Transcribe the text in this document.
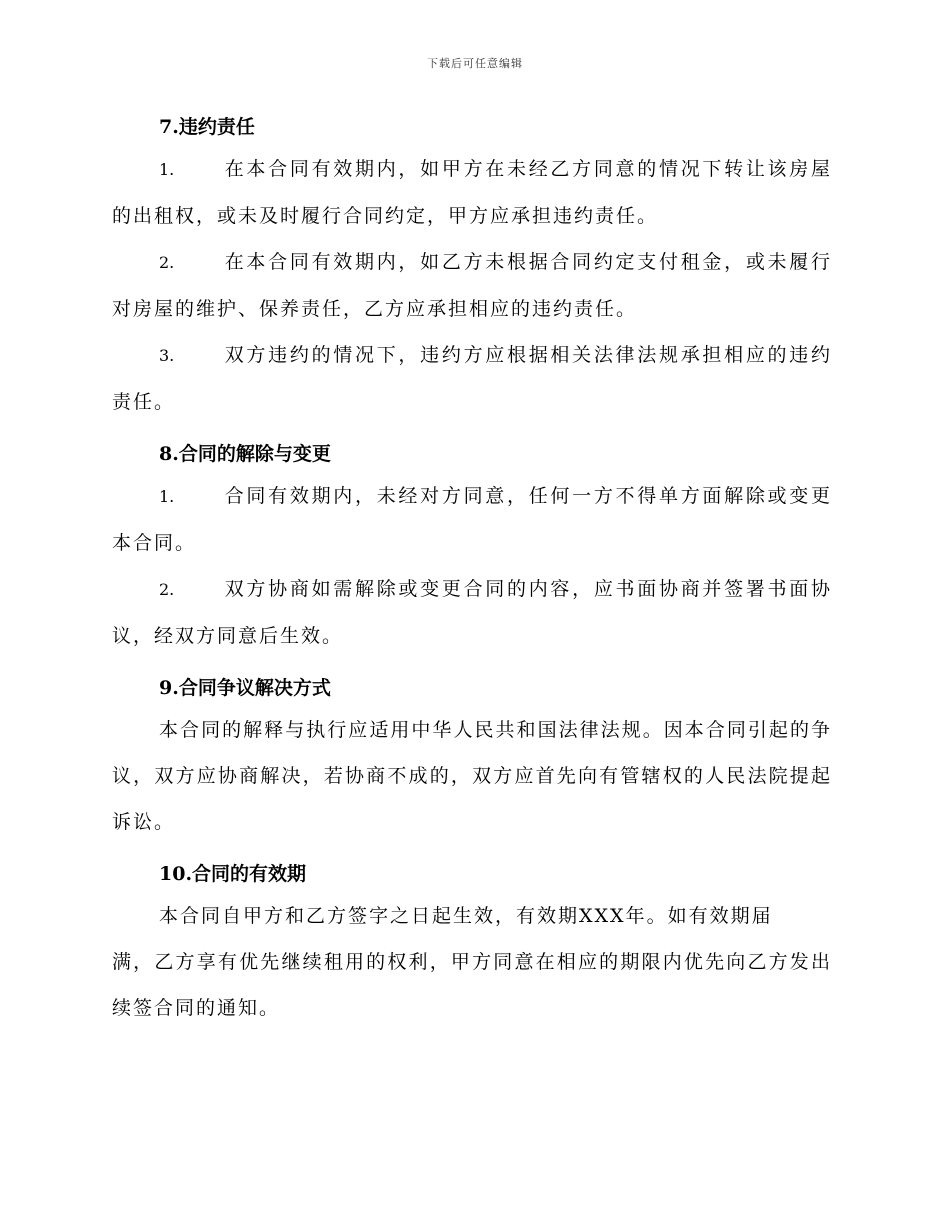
下载后可任意编辑
7.违约责任

1.	在本合同有效期内，如甲方在未经乙方同意的情况下转让该房屋的出租权，或未及时履行合同约定，甲方应承担违约责任。

2.	在本合同有效期内，如乙方未根据合同约定支付租金，或未履行对房屋的维护、保养责任，乙方应承担相应的违约责任。

3.	双方违约的情况下，违约方应根据相关法律法规承担相应的违约责任。

8.合同的解除与变更

1.	合同有效期内，未经对方同意，任何一方不得单方面解除或变更本合同。

2.	双方协商如需解除或变更合同的内容，应书面协商并签署书面协议，经双方同意后生效。

9.合同争议解决方式

本合同的解释与执行应适用中华人民共和国法律法规。因本合同引起的争议，双方应协商解决，若协商不成的，双方应首先向有管辖权的人民法院提起诉讼。

10.合同的有效期

本合同自甲方和乙方签字之日起生效，有效期XXX年。如有效期届

满，乙方享有优先继续租用的权利，甲方同意在相应的期限内优先向乙方发出续签合同的通知。
